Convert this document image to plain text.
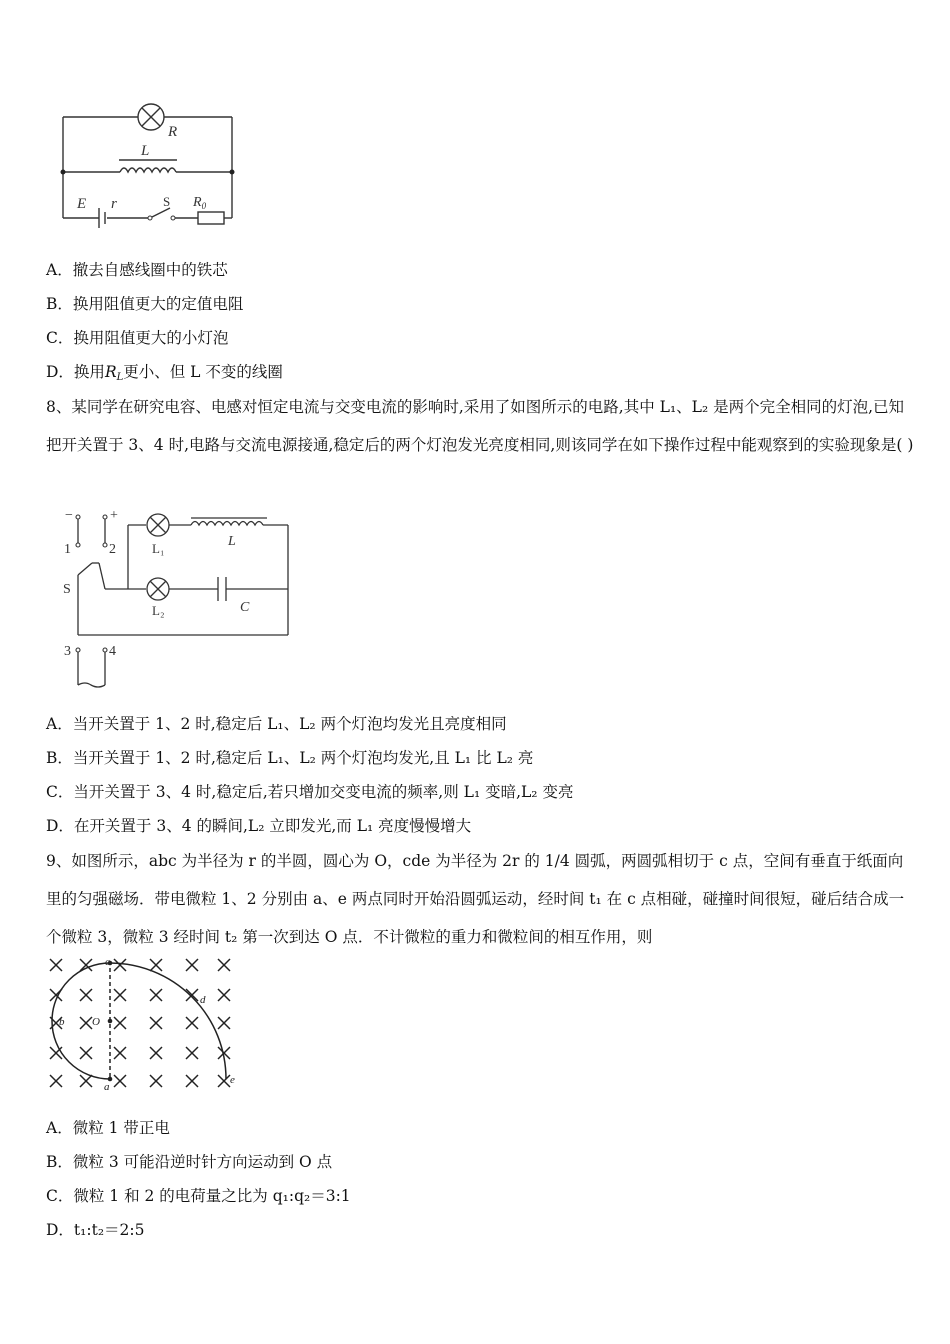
R
L
E r	S $R_0$
A．撤去自感线圈中的铁芯
B．换用阻值更大的定值电阻
C．换用阻值更大的小灯泡
D．换用$R_L$更小、但 L 不变的线圈
8、某同学在研究电容、电感对恒定电流与交变电流的影响时,采用了如图所示的电路,其中 L₁、L₂ 是两个完全相同的灯泡,已知把开关置于 3、4 时,电路与交流电源接通,稳定后的两个灯泡发光亮度相同,则该同学在如下操作过程中能观察到的实验现象是( )
−	+
1	2
S
L₁
L₂
L
C
3	4
A．当开关置于 1、2 时,稳定后 L₁、L₂ 两个灯泡均发光且亮度相同
B．当开关置于 1、2 时,稳定后 L₁、L₂ 两个灯泡均发光,且 L₁ 比 L₂ 亮
C．当开关置于 3、4 时,稳定后,若只增加交变电流的频率,则 L₁ 变暗,L₂ 变亮
D．在开关置于 3、4 的瞬间,L₂ 立即发光,而 L₁ 亮度慢慢增大
9、如图所示，abc 为半径为 r 的半圆，圆心为 O，cde 为半径为 2r 的 1/4 圆弧，两圆弧相切于 c 点，空间有垂直于纸面向里的匀强磁场．带电微粒 1、2 分别由 a、e 两点同时开始沿圆弧运动，经时间 t₁ 在 c 点相碰，碰撞时间很短，碰后结合成一个微粒 3，微粒 3 经时间 t₂ 第一次到达 O 点．不计微粒的重力和微粒间的相互作用，则
a
b
c
d
e
O
A．微粒 1 带正电
B．微粒 3 可能沿逆时针方向运动到 O 点
C．微粒 1 和 2 的电荷量之比为 q₁:q₂＝3:1
D．t₁:t₂＝2:5
